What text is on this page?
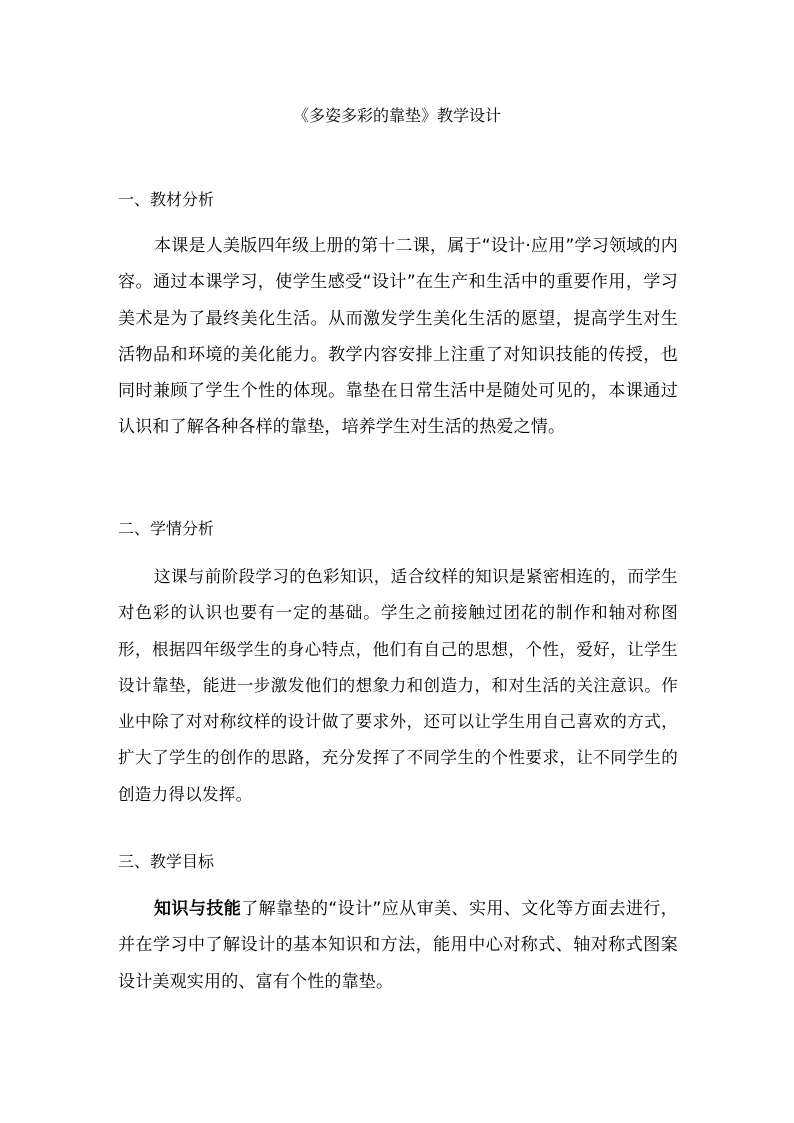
《多姿多彩的靠垫》教学设计
一、教材分析
本课是人美版四年级上册的第十二课，属于“设计·应用”学习领域的内容。通过本课学习，使学生感受“设计”在生产和生活中的重要作用，学习美术是为了最终美化生活。从而激发学生美化生活的愿望，提高学生对生活物品和环境的美化能力。教学内容安排上注重了对知识技能的传授，也同时兼顾了学生个性的体现。靠垫在日常生活中是随处可见的，本课通过认识和了解各种各样的靠垫，培养学生对生活的热爱之情。
二、学情分析
这课与前阶段学习的色彩知识，适合纹样的知识是紧密相连的，而学生对色彩的认识也要有一定的基础。学生之前接触过团花的制作和轴对称图形，根据四年级学生的身心特点，他们有自己的思想，个性，爱好，让学生设计靠垫，能进一步激发他们的想象力和创造力，和对生活的关注意识。作业中除了对对称纹样的设计做了要求外，还可以让学生用自己喜欢的方式，扩大了学生的创作的思路，充分发挥了不同学生的个性要求，让不同学生的创造力得以发挥。
三、教学目标
知识与技能了解靠垫的“设计”应从审美、实用、文化等方面去进行，并在学习中了解设计的基本知识和方法，能用中心对称式、轴对称式图案设计美观实用的、富有个性的靠垫。
